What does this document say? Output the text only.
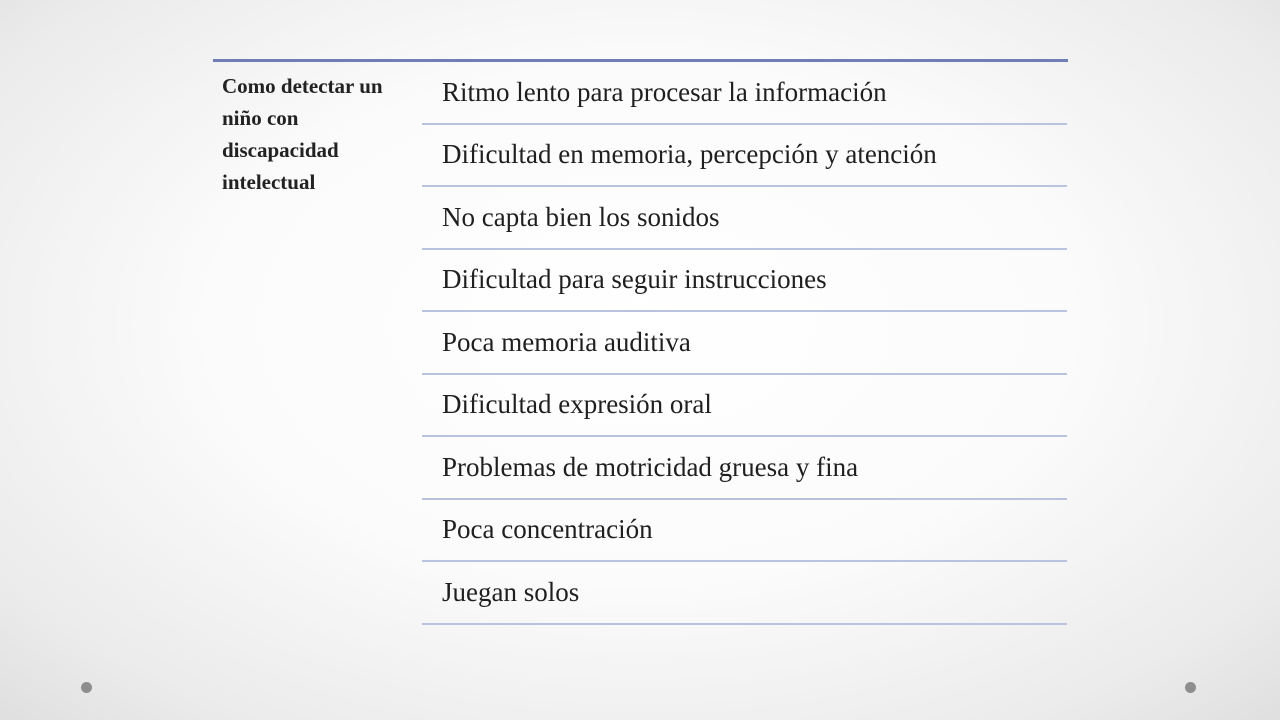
Como detectar un niño con discapacidad intelectual
Ritmo lento para procesar la información
Dificultad en memoria, percepción y atención
No capta bien los sonidos
Dificultad para seguir instrucciones
Poca memoria auditiva
Dificultad expresión oral
Problemas de motricidad gruesa y fina
Poca concentración
Juegan solos
